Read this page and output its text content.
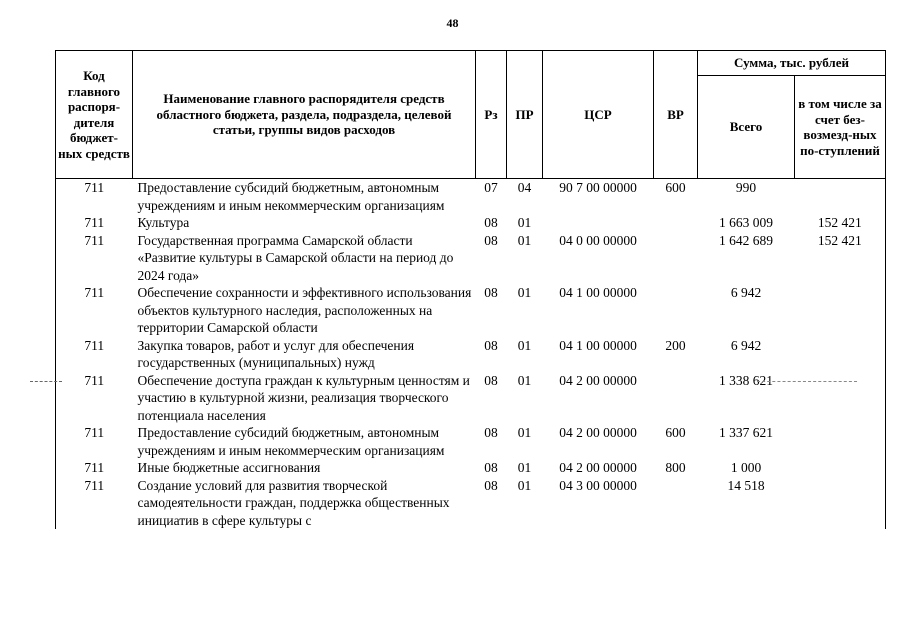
48
Код главного распоря-дителя бюджет-ных средств	Наименование главного распорядителя средств областного бюджета, раздела, подраздела, целевой статьи, группы видов расходов	Рз	ПР	ЦСР	ВР	Сумма, тыс. рублей	
						Всего	в том числе за счет без-возмезд-ных по-ступлений
711	Предоставление субсидий бюджетным, автономным учреждениям и иным некоммерческим организациям	07	04	90 7 00 00000	600	990	
711	Культура	08	01			1 663 009	152 421
711	Государственная программа Самарской области «Развитие культуры в Самарской области на период до 2024 года»	08	01	04 0 00 00000		1 642 689	152 421
711	Обеспечение сохранности и эффективного использования объектов культурного наследия, расположенных на территории Самарской области	08	01	04 1 00 00000		6 942	
711	Закупка товаров, работ и услуг для обеспечения государственных (муниципальных) нужд	08	01	04 1 00 00000	200	6 942	
711	Обеспечение доступа граждан к культурным ценностям и участию в культурной жизни, реализация творческого потенциала населения	08	01	04 2 00 00000		1 338 621	
711	Предоставление субсидий бюджетным, автономным учреждениям и иным некоммерческим организациям	08	01	04 2 00 00000	600	1 337 621	
711	Иные бюджетные ассигнования	08	01	04 2 00 00000	800	1 000	
711	Создание условий для развития творческой самодеятельности граждан, поддержка общественных инициатив в сфере культуры с	08	01	04 3 00 00000		14 518	
